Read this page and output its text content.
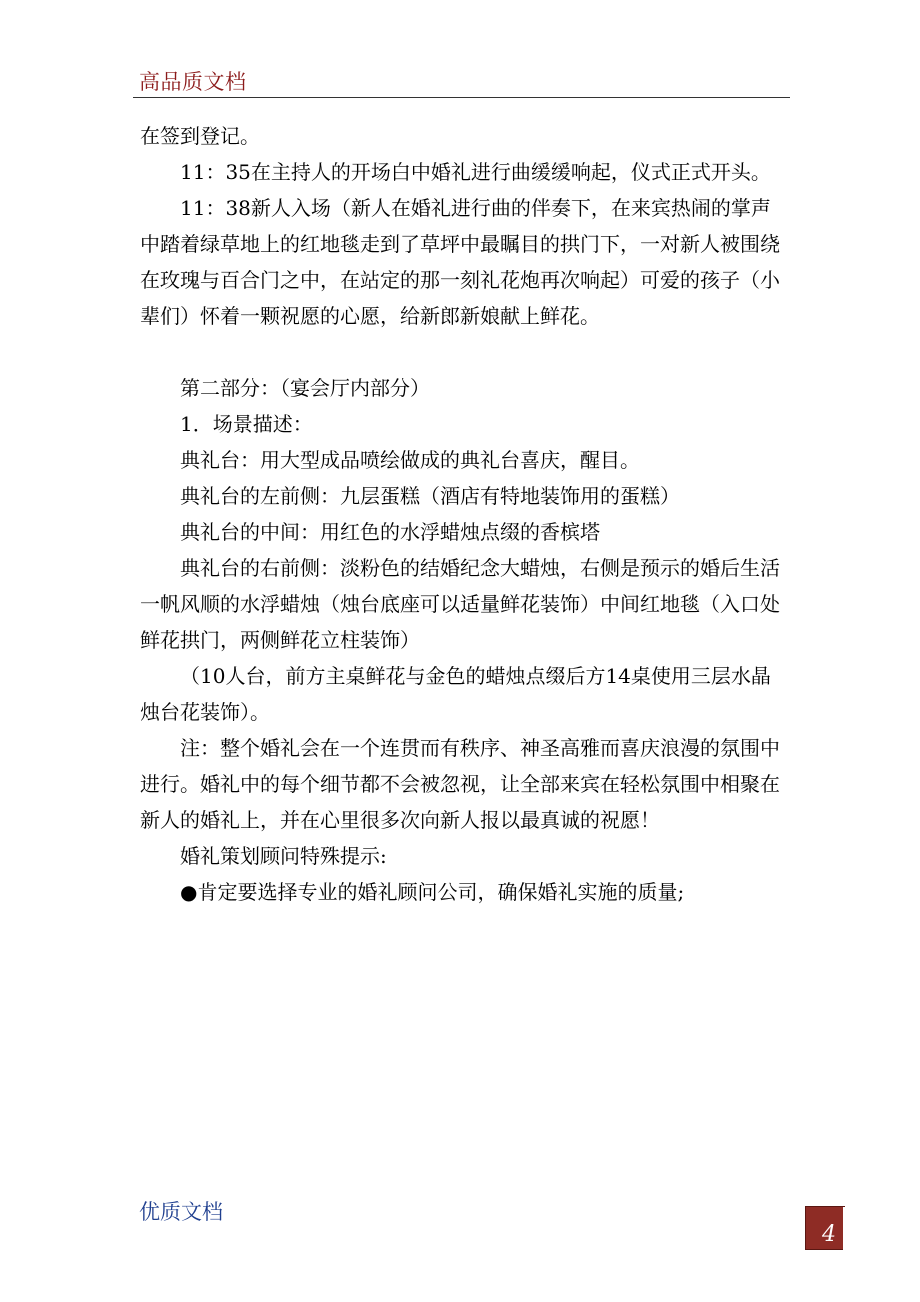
高品质文档

在签到登记。

11：35在主持人的开场白中婚礼进行曲缓缓响起，仪式正式开头。

11：38新人入场（新人在婚礼进行曲的伴奏下，在来宾热闹的掌声中踏着绿草地上的红地毯走到了草坪中最瞩目的拱门下，一对新人被围绕在玫瑰与百合门之中，在站定的那一刻礼花炮再次响起）可爱的孩子（小辈们）怀着一颗祝愿的心愿，给新郎新娘献上鲜花。

第二部分：（宴会厅内部分）

1．场景描述：

典礼台：用大型成品喷绘做成的典礼台喜庆，醒目。

典礼台的左前侧：九层蛋糕（酒店有特地装饰用的蛋糕）

典礼台的中间：用红色的水浮蜡烛点缀的香槟塔

典礼台的右前侧：淡粉色的结婚纪念大蜡烛，右侧是预示的婚后生活一帆风顺的水浮蜡烛（烛台底座可以适量鲜花装饰）中间红地毯（入口处鲜花拱门，两侧鲜花立柱装饰）

（10人台，前方主桌鲜花与金色的蜡烛点缀后方14桌使用三层水晶烛台花装饰）。

注：整个婚礼会在一个连贯而有秩序、神圣高雅而喜庆浪漫的氛围中进行。婚礼中的每个细节都不会被忽视，让全部来宾在轻松氛围中相聚在新人的婚礼上，并在心里很多次向新人报以最真诚的祝愿！

婚礼策划顾问特殊提示:

●肯定要选择专业的婚礼顾问公司，确保婚礼实施的质量;

优质文档
4
